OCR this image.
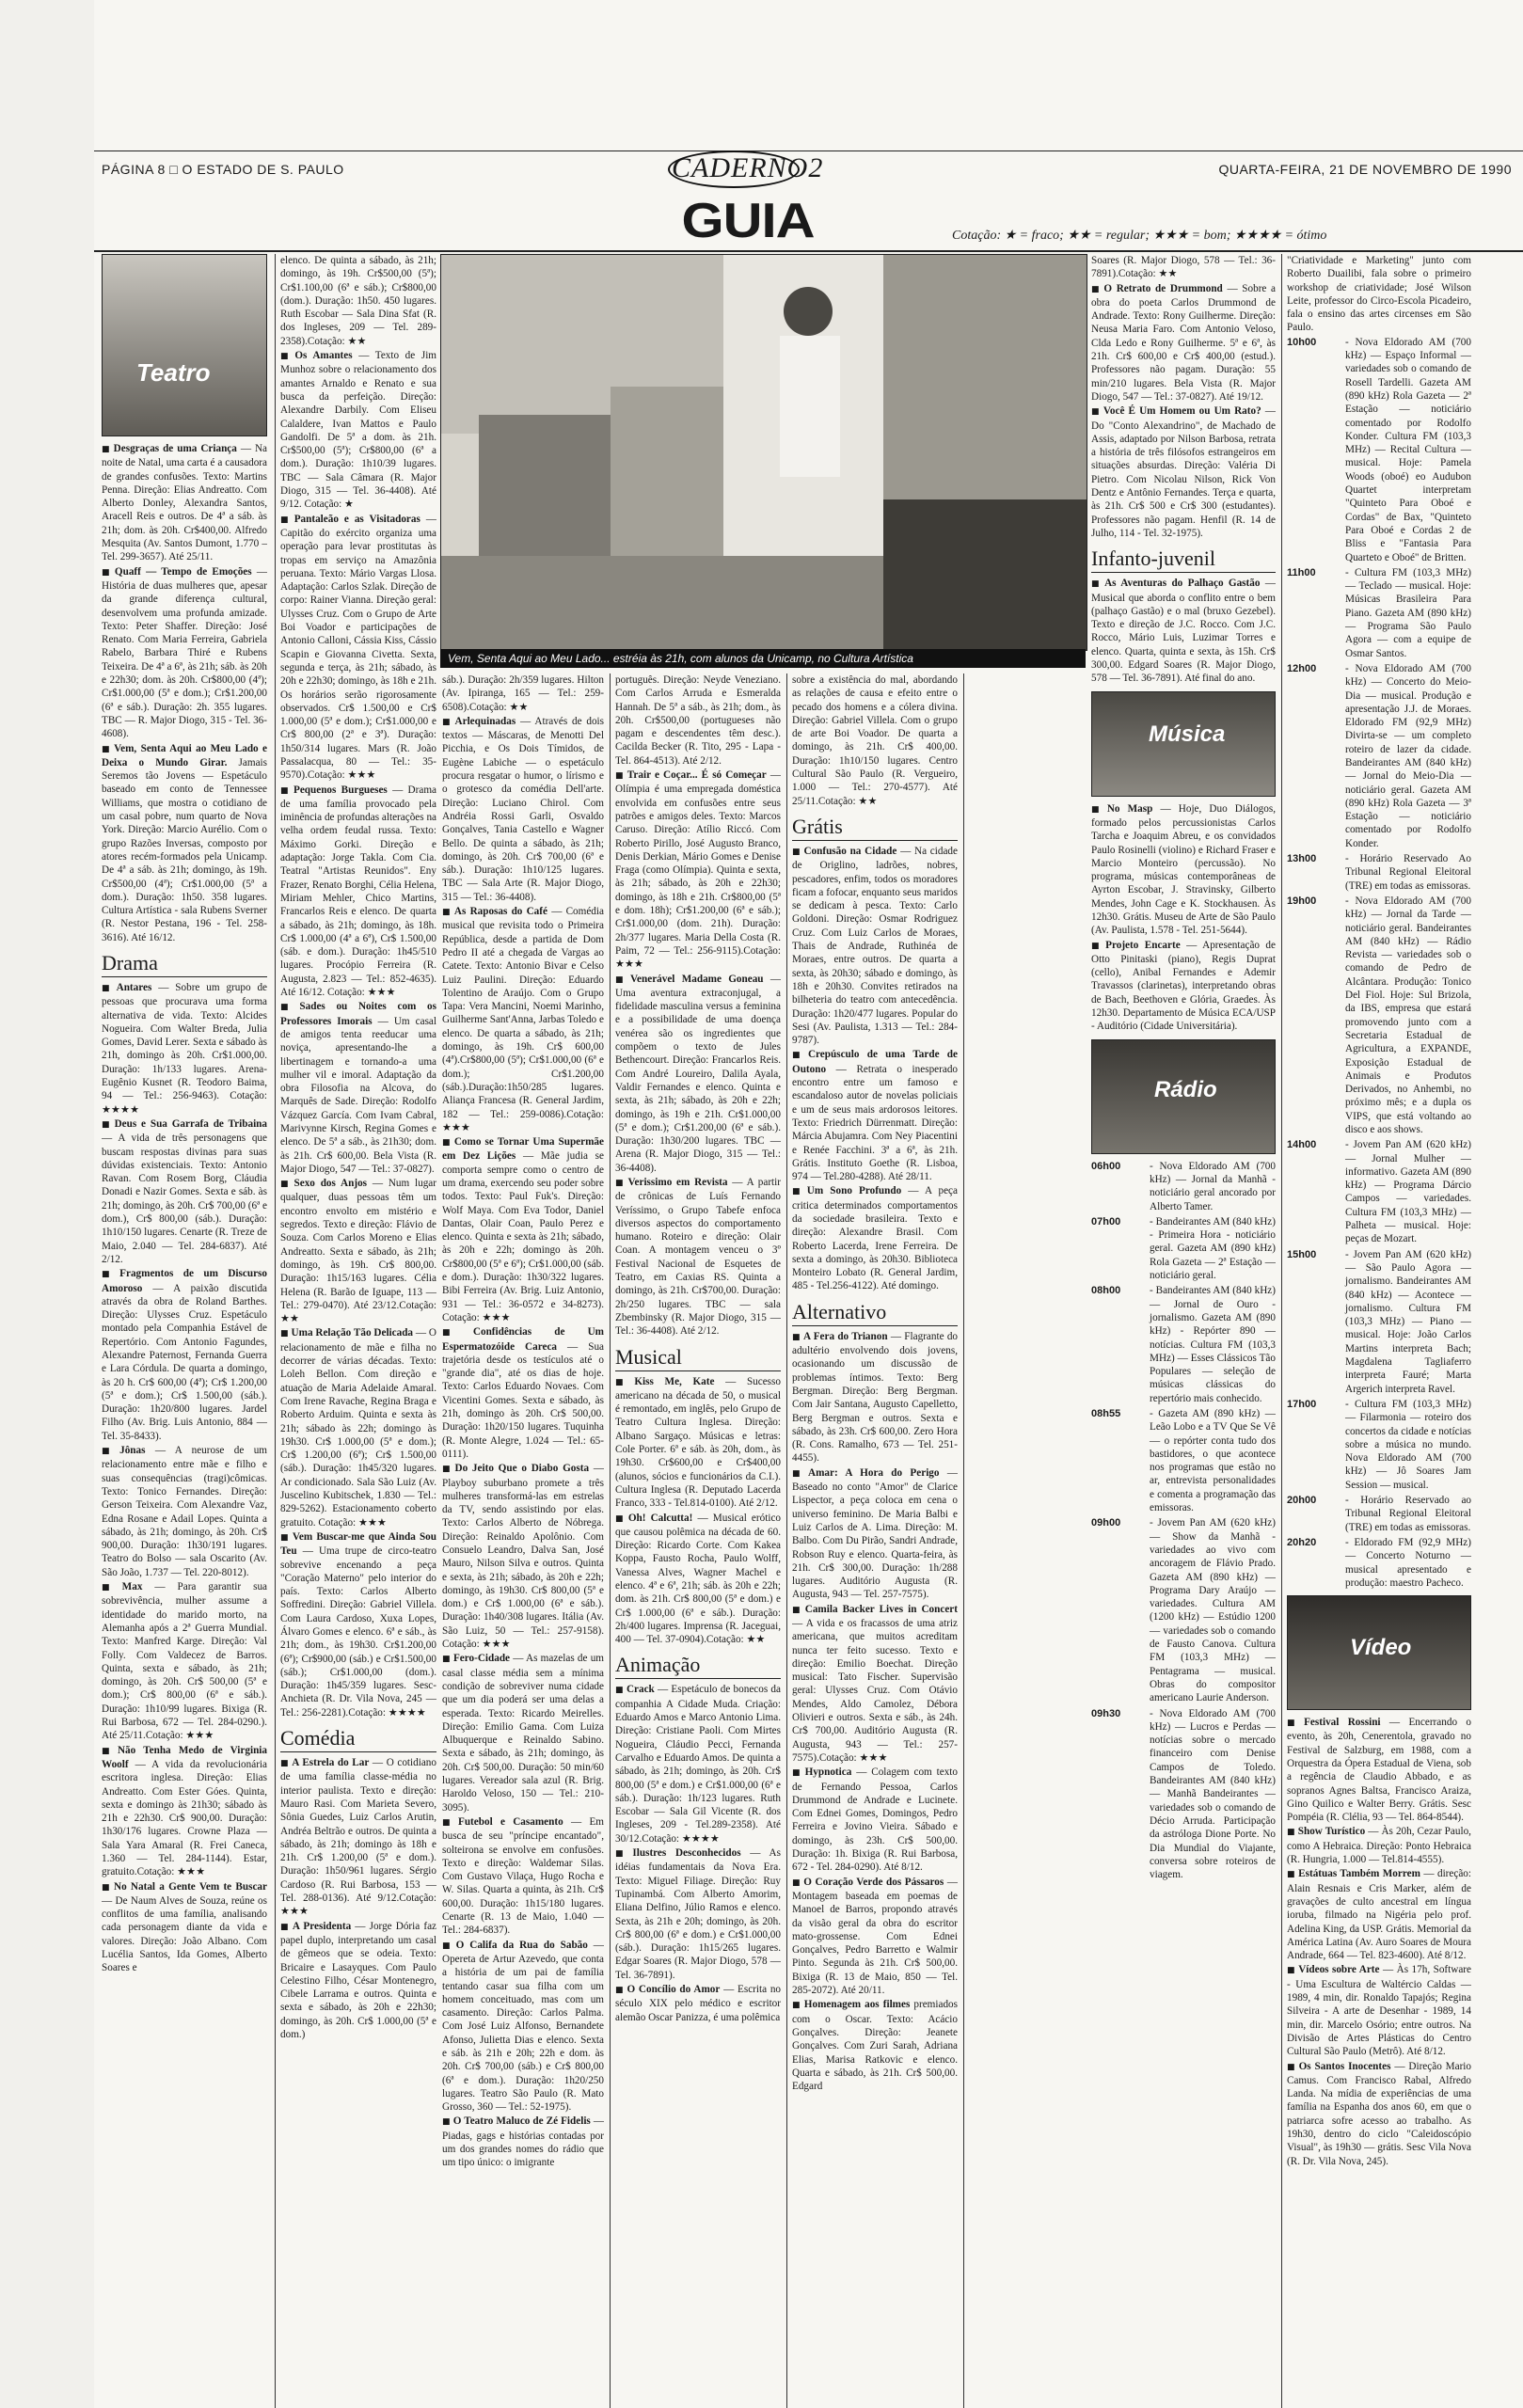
PÁGINA 8 □ O ESTADO DE S. PAULO	CADERNO2
GUIA
QUARTA-FEIRA, 21 DE NOVEMBRO DE 1990
Cotação: ★ = fraco; ★★ = regular; ★★★ = bom; ★★★★ = ótimo
Teatro

■ Desgraças de uma Criança — Na noite de Natal, uma carta é a causadora de grandes confusões. Texto: Martins Penna. Direção: Elias Andreatto. Com Alberto Donley, Alexandra Santos, Aracell Reis e outros. De 4ª a sáb. às 21h; dom. às 20h. Cr$400,00. Alfredo Mesquita (Av. Santos Dumont, 1.770 – Tel. 299-3657). Até 25/11.

■ Quaff — Tempo de Emoções — História de duas mulheres que, apesar da grande diferença cultural, desenvolvem uma profunda amizade. Texto: Peter Shaffer. Direção: José Renato. Com Maria Ferreira, Gabriela Rabelo, Barbara Thiré e Rubens Teixeira. De 4ª a 6ª, às 21h; sáb. às 20h e 22h30; dom. às 20h. Cr$800,00 (4ª); Cr$1.000,00 (5ª e dom.); Cr$1.200,00 (6ª e sáb.). Duração: 2h. 355 lugares. TBC — R. Major Diogo, 315 - Tel. 36-4608).

■ Vem, Senta Aqui ao Meu Lado e Deixa o Mundo Girar. Jamais Seremos tão Jovens — Espetáculo baseado em conto de Tennessee Williams, que mostra o cotidiano de um casal pobre, num quarto de Nova York. Direção: Marcio Aurélio. Com o grupo Razões Inversas, composto por atores recém-formados pela Unicamp. De 4ª a sáb. às 21h; domingo, às 19h. Cr$500,00 (4ª); Cr$1.000,00 (5ª a dom.). Duração: 1h50. 358 lugares. Cultura Artística - sala Rubens Sverner (R. Nestor Pestana, 196 - Tel. 258-3616). Até 16/12.

Drama

■ Antares — Sobre um grupo de pessoas que procurava uma forma alternativa de vida. Texto: Alcides Nogueira. Com Walter Breda, Julia Gomes, David Lerer. Sexta e sábado às 21h, domingo às 20h. Cr$1.000,00. Duração: 1h/133 lugares. Arena-Eugênio Kusnet (R. Teodoro Baima, 94 — Tel.: 256-9463). Cotação: ★★★★

■ Deus e Sua Garrafa de Tribaina — A vida de três personagens que buscam respostas divinas para suas dúvidas existenciais. Texto: Antonio Ravan. Com Rosem Borg, Cláudia Donadi e Nazir Gomes. Sexta e sáb. às 21h; domingo, às 20h. Cr$ 700,00 (6ª e dom.), Cr$ 800,00 (sáb.). Duração: 1h10/150 lugares. Cenarte (R. Treze de Maio, 2.040 — Tel. 284-6837). Até 2/12.

■ Fragmentos de um Discurso Amoroso — A paixão discutida através da obra de Roland Barthes. Direção: Ulysses Cruz. Espetáculo montado pela Companhia Estável de Repertório. Com Antonio Fagundes, Alexandre Paternost, Fernanda Guerra e Lara Córdula. De quarta a domingo, às 20 h. Cr$ 600,00 (4ª); Cr$ 1.200,00 (5ª e dom.); Cr$ 1.500,00 (sáb.). Duração: 1h20/800 lugares. Jardel Filho (Av. Brig. Luis Antonio, 884 — Tel. 35-8433).

■ Jônas — A neurose de um relacionamento entre mãe e filho e suas consequências (tragi)cômicas. Texto: Tonico Fernandes. Direção: Gerson Teixeira. Com Alexandre Vaz, Edna Rosane e Adail Lopes. Quinta a sábado, às 21h; domingo, às 20h. Cr$ 900,00. Duração: 1h30/191 lugares. Teatro do Bolso — sala Oscarito (Av. São João, 1.737 — Tel. 220-8012).

■ Max — Para garantir sua sobrevivência, mulher assume a identidade do marido morto, na Alemanha após a 2ª Guerra Mundial. Texto: Manfred Karge. Direção: Val Folly. Com Valdecez de Barros. Quinta, sexta e sábado, às 21h; domingo, às 20h. Cr$ 500,00 (5ª e dom.); Cr$ 800,00 (6ª e sáb.). Duração: 1h10/99 lugares. Bixiga (R. Rui Barbosa, 672 — Tel. 284-0290.). Até 25/11.Cotação: ★★★

■ Não Tenha Medo de Virginia Woolf — A vida da revolucionária escritora inglesa. Direção: Elias Andreatto. Com Ester Góes. Quinta, sexta e domingo às 21h30; sábado às 21h e 22h30. Cr$ 900,00. Duração: 1h30/176 lugares. Crowne Plaza — Sala Yara Amaral (R. Frei Caneca, 1.360 — Tel. 284-1144). Estar, gratuito.Cotação: ★★★

■ No Natal a Gente Vem te Buscar — De Naum Alves de Souza, reúne os conflitos de uma família, analisando cada personagem diante da vida e valores. Direção: João Albano. Com Lucélia Santos, Ida Gomes, Alberto Soares e

elenco. De quinta a sábado, às 21h; domingo, às 19h. Cr$500,00 (5ª); Cr$1.100,00 (6ª e sáb.); Cr$800,00 (dom.). Duração: 1h50. 450 lugares. Ruth Escobar — Sala Dina Sfat (R. dos Ingleses, 209 — Tel. 289-2358).Cotação: ★★

■ Os Amantes — Texto de Jim Munhoz sobre o relacionamento dos amantes Arnaldo e Renato e sua busca da perfeição. Direção: Alexandre Darbily. Com Eliseu Calaldere, Ivan Mattos e Paulo Gandolfi. De 5ª a dom. às 21h. Cr$500,00 (5ª); Cr$800,00 (6ª a dom.). Duração: 1h10/39 lugares. TBC — Sala Câmara (R. Major Diogo, 315 — Tel. 36-4408). Até 9/12. Cotação: ★

■ Pantaleão e as Visitadoras — Capitão do exército organiza uma operação para levar prostitutas às tropas em serviço na Amazônia peruana. Texto: Mário Vargas Llosa. Adaptação: Carlos Szlak. Direção de corpo: Rainer Vianna. Direção geral: Ulysses Cruz. Com o Grupo de Arte Boi Voador e participações de Antonio Calloni, Cássia Kiss, Cássio Scapin e Giovanna Civetta. Sexta, segunda e terça, às 21h; sábado, às 20h e 22h30; domingo, às 18h e 21h. Os horários serão rigorosamente observados. Cr$ 1.500,00 e Cr$ 1.000,00 (5ª e dom.); Cr$1.000,00 e Cr$ 800,00 (2ª e 3ª). Duração: 1h50/314 lugares. Mars (R. João Passalacqua, 80 — Tel.: 35-9570).Cotação: ★★★

■ Pequenos Burgueses — Drama de uma família provocado pela iminência de profundas alterações na velha ordem feudal russa. Texto: Máximo Gorki. Direção e adaptação: Jorge Takla. Com Cia. Teatral "Artistas Reunidos". Eny Frazer, Renato Borghi, Célia Helena, Miriam Mehler, Chico Martins, Francarlos Reis e elenco. De quarta a sábado, às 21h; domingo, às 18h. Cr$ 1.000,00 (4ª a 6ª), Cr$ 1.500,00 (sáb. e dom.). Duração: 1h45/510 lugares. Procópio Ferreira (R. Augusta, 2.823 — Tel.: 852-4635). Até 16/12. Cotação: ★★★

■ Sades ou Noites com os Professores Imorais — Um casal de amigos tenta reeducar uma noviça, apresentando-lhe a libertinagem e tornando-a uma mulher vil e imoral. Adaptação da obra Filosofia na Alcova, do Marquês de Sade. Direção: Rodolfo Vázquez García. Com Ivam Cabral, Marivynne Kirsch, Regina Gomes e elenco. De 5ª a sáb., às 21h30; dom. às 21h. Cr$ 600,00. Bela Vista (R. Major Diogo, 547 — Tel.: 37-0827).

■ Sexo dos Anjos — Num lugar qualquer, duas pessoas têm um encontro envolto em mistério e segredos. Texto e direção: Flávio de Souza. Com Carlos Moreno e Elias Andreatto. Sexta e sábado, às 21h; domingo, às 19h. Cr$ 800,00. Duração: 1h15/163 lugares. Célia Helena (R. Barão de Iguape, 113 — Tel.: 279-0470). Até 23/12.Cotação: ★★

■ Uma Relação Tão Delicada — O relacionamento de mãe e filha no decorrer de várias décadas. Texto: Loleh Bellon. Com direção e atuação de Maria Adelaide Amaral. Com Irene Ravache, Regina Braga e Roberto Arduim. Quinta e sexta às 21h; sábado às 22h; domingo às 19h30. Cr$ 1.000,00 (5ª e dom.); Cr$ 1.200,00 (6ª); Cr$ 1.500,00 (sáb.). Duração: 1h45/320 lugares. Ar condicionado. Sala São Luiz (Av. Juscelino Kubitschek, 1.830 — Tel.: 829-5262). Estacionamento coberto gratuito. Cotação: ★★★

■ Vem Buscar-me que Ainda Sou Teu — Uma trupe de circo-teatro sobrevive encenando a peça "Coração Materno" pelo interior do país. Texto: Carlos Alberto Soffredini. Direção: Gabriel Villela. Com Laura Cardoso, Xuxa Lopes, Álvaro Gomes e elenco. 6ª e sáb., às 21h; dom., às 19h30. Cr$1.200,00 (6ª); Cr$900,00 (sáb.) e Cr$1.500,00 (sáb.); Cr$1.000,00 (dom.). Duração: 1h45/359 lugares. Sesc-Anchieta (R. Dr. Vila Nova, 245 — Tel.: 256-2281).Cotação: ★★★★

Comédia

■ A Estrela do Lar — O cotidiano de uma família classe-média no interior paulista. Texto e direção: Mauro Rasi. Com Marieta Severo, Sônia Guedes, Luiz Carlos Arutin, Andréa Beltrão e outros. De quinta a sábado, às 21h; domingo às 18h e 21h. Cr$ 1.200,00 (5ª e dom.). Duração: 1h50/961 lugares. Sérgio Cardoso (R. Rui Barbosa, 153 — Tel. 288-0136). Até 9/12.Cotação: ★★★

■ A Presidenta — Jorge Dória faz papel duplo, interpretando um casal de gêmeos que se odeia. Texto: Bricaire e Lasayques. Com Paulo Celestino Filho, César Montenegro, Cibele Larrama e outros. Quinta e sexta e sábado, às 20h e 22h30; domingo, às 20h. Cr$ 1.000,00 (5ª e dom.)

Vem, Senta Aqui ao Meu Lado... estréia às 21h, com alunos da Unicamp, no Cultura Artística

sáb.). Duração: 2h/359 lugares. Hilton (Av. Ipiranga, 165 — Tel.: 259-6508).Cotação: ★★

■ Arlequinadas — Através de dois textos — Máscaras, de Menotti Del Picchia, e Os Dois Tímidos, de Eugène Labiche — o espetáculo procura resgatar o humor, o lírismo e o grotesco da comédia Dell'arte. Direção: Luciano Chirol. Com Andréia Rossi Garli, Osvaldo Gonçalves, Tania Castello e Wagner Bello. De quinta a sábado, às 21h; domingo, às 20h. Cr$ 700,00 (6ª e sáb.). Duração: 1h10/125 lugares. TBC — Sala Arte (R. Major Diogo, 315 — Tel.: 36-4408).

■ As Raposas do Café — Comédia musical que revisita todo o Primeira República, desde a partida de Dom Pedro II até a chegada de Vargas ao Catete. Texto: Antonio Bivar e Celso Luiz Paulini. Direção: Eduardo Tolentino de Araújo. Com o Grupo Tapa: Vera Mancini, Noemi Marinho, Guilherme Sant'Anna, Jarbas Toledo e elenco. De quarta a sábado, às 21h; domingo, às 19h. Cr$ 600,00 (4ª).Cr$800,00 (5ª); Cr$1.000,00 (6ª e dom.); Cr$1.200,00 (sáb.).Duração:1h50/285 lugares. Aliança Francesa (R. General Jardim, 182 — Tel.: 259-0086).Cotação: ★★★

■ Como se Tornar Uma Supermãe em Dez Lições — Mãe judia se comporta sempre como o centro de um drama, exercendo seu poder sobre todos. Texto: Paul Fuk's. Direção: Wolf Maya. Com Eva Todor, Daniel Dantas, Olair Coan, Paulo Perez e elenco. Quinta e sexta às 21h; sábado, às 20h e 22h; domingo às 20h. Cr$800,00 (5ª e 6ª); Cr$1.000,00 (sáb. e dom.). Duração: 1h30/322 lugares. Bibi Ferreira (Av. Brig. Luiz Antonio, 931 — Tel.: 36-0572 e 34-8273). Cotação: ★★★

■ Confidências de Um Espermatozóide Careca — Sua trajetória desde os testículos até o "grande dia", até os dias de hoje. Texto: Carlos Eduardo Novaes. Com Vicentini Gomes. Sexta e sábado, às 21h, domingo às 20h. Cr$ 500,00. Duração: 1h20/150 lugares. Tuquinha (R. Monte Alegre, 1.024 — Tel.: 65-0111).

■ Do Jeito Que o Diabo Gosta — Playboy suburbano promete a três mulheres transformá-las em estrelas da TV, sendo assistindo por elas. Texto: Carlos Alberto de Nóbrega. Direção: Reinaldo Apolônio. Com Consuelo Leandro, Dalva San, José Mauro, Nilson Silva e outros. Quinta e sexta, às 21h; sábado, às 20h e 22h; domingo, às 19h30. Cr$ 800,00 (5ª e dom.) e Cr$ 1.000,00 (6ª e sáb.). Duração: 1h40/308 lugares. Itália (Av. São Luiz, 50 — Tel.: 257-9158). Cotação: ★★★

■ Fero-Cidade — As mazelas de um casal classe média sem a mínima condição de sobreviver numa cidade que um dia poderá ser uma delas a esperada. Texto: Ricardo Meirelles. Direção: Emilio Gama. Com Luiza Albuquerque e Reinaldo Sabino. Sexta e sábado, às 21h; domingo, às 20h. Cr$ 500,00. Duração: 50 min/60 lugares. Vereador sala azul (R. Brig. Haroldo Veloso, 150 — Tel.: 210-3095).

■ Futebol e Casamento — Em busca de seu "príncipe encantado", solteirona se envolve em confusões. Texto e direção: Waldemar Silas. Com Gustavo Vilaça, Hugo Rocha e W. Silas. Quarta a quinta, às 21h. Cr$ 600,00. Duração: 1h15/180 lugares. Cenarte (R. 13 de Maio, 1.040 — Tel.: 284-6837).

■ O Califa da Rua do Sabão — Opereta de Artur Azevedo, que conta a história de um pai de família tentando casar sua filha com um homem conceituado, mas com um casamento. Direção: Carlos Palma. Com José Luiz Alfonso, Bernandete Afonso, Julietta Dias e elenco. Sexta e sáb. às 21h e 20h; 22h e dom. às 20h. Cr$ 700,00 (sáb.) e Cr$ 800,00 (6ª e dom.). Duração: 1h20/250 lugares. Teatro São Paulo (R. Mato Grosso, 360 — Tel.: 52-1975).

■ O Teatro Maluco de Zé Fidelis — Piadas, gags e histórias contadas por um dos grandes nomes do rádio que um tipo único: o imigrante

português. Direção: Neyde Veneziano. Com Carlos Arruda e Esmeralda Hannah. De 5ª a sáb., às 21h; dom., às 20h. Cr$500,00 (portugueses não pagam e descendentes têm desc.). Cacilda Becker (R. Tito, 295 - Lapa - Tel. 864-4513). Até 2/12.

■ Trair e Coçar... É só Começar — Olímpia é uma empregada doméstica envolvida em confusões entre seus patrões e amigos deles. Texto: Marcos Caruso. Direção: Atílio Riccó. Com Roberto Pirillo, José Augusto Branco, Denis Derkian, Mário Gomes e Denise Fraga (como Olímpia). Quinta e sexta, às 21h; sábado, às 20h e 22h30; domingo, às 18h e 21h. Cr$800,00 (5ª e dom. 18h); Cr$1.200,00 (6ª e sáb.); Cr$1.000,00 (dom. 21h). Duração: 2h/377 lugares. Maria Della Costa (R. Paim, 72 — Tel.: 256-9115).Cotação: ★★★

■ Venerável Madame Goneau — Uma aventura extraconjugal, a fidelidade masculina versus a feminina e a possibilidade de uma doença venérea são os ingredientes que compõem o texto de Jules Bethencourt. Direção: Francarlos Reis. Com André Loureiro, Dalila Ayala, Valdir Fernandes e elenco. Quinta e sexta, às 21h; sábado, às 20h e 22h; domingo, às 19h e 21h. Cr$1.000,00 (5ª e dom.); Cr$1.200,00 (6ª e sáb.). Duração: 1h30/200 lugares. TBC — Arena (R. Major Diogo, 315 — Tel.: 36-4408).

■ Verissimo em Revista — A partir de crônicas de Luís Fernando Veríssimo, o Grupo Tabefe enfoca diversos aspectos do comportamento humano. Roteiro e direção: Olair Coan. A montagem venceu o 3º Festival Nacional de Esquetes de Teatro, em Caxias RS. Quinta a domingo, às 21h. Cr$700,00. Duração: 2h/250 lugares. TBC — sala Zbembinsky (R. Major Diogo, 315 — Tel.: 36-4408). Até 2/12.

Musical

■ Kiss Me, Kate — Sucesso americano na década de 50, o musical é remontado, em inglês, pelo Grupo de Teatro Cultura Inglesa. Direção: Albano Sargaço. Músicas e letras: Cole Porter. 6ª e sáb. às 20h, dom., às 19h30. Cr$600,00 e Cr$400,00 (alunos, sócios e funcionários da C.I.). Cultura Inglesa (R. Deputado Lacerda Franco, 333 - Tel.814-0100). Até 2/12.

■ Oh! Calcutta! — Musical erótico que causou polêmica na década de 60. Direção: Ricardo Corte. Com Kakea Koppa, Fausto Rocha, Paulo Wolff, Vanessa Alves, Wagner Machel e elenco. 4ª e 6ª, 21h; sáb. às 20h e 22h; dom. às 21h. Cr$ 800,00 (5ª e dom.) e Cr$ 1.000,00 (6ª e sáb.). Duração: 2h/400 lugares. Imprensa (R. Jaceguai, 400 — Tel. 37-0904).Cotação: ★★

Animação

■ Crack — Espetáculo de bonecos da companhia A Cidade Muda. Criação: Eduardo Amos e Marco Antonio Lima. Direção: Cristiane Paoli. Com Mirtes Nogueira, Cláudio Pecci, Fernanda Carvalho e Eduardo Amos. De quinta a sábado, às 21h; domingo, às 20h. Cr$ 800,00 (5ª e dom.) e Cr$1.000,00 (6ª e sáb.). Duração: 1h/123 lugares. Ruth Escobar — Sala Gil Vicente (R. dos Ingleses, 209 - Tel.289-2358). Até 30/12.Cotação: ★★★★

■ Ilustres Desconhecidos — As idéias fundamentais da Nova Era. Texto: Miguel Filiage. Direção: Ruy Tupinambá. Com Alberto Amorim, Eliana Delfino, Júlio Ramos e elenco. Sexta, às 21h e 20h; domingo, às 20h. Cr$ 800,00 (6ª e dom.) e Cr$1.000,00 (sáb.). Duração: 1h15/265 lugares. Edgar Soares (R. Major Diogo, 578 — Tel. 36-7891).

■ O Concílio do Amor — Escrita no século XIX pelo médico e escritor alemão Oscar Panizza, é uma polêmica

sobre a existência do mal, abordando as relações de causa e efeito entre o pecado dos homens e a cólera divina. Direção: Gabriel Villela. Com o grupo de arte Boi Voador. De quarta a domingo, às 21h. Cr$ 400,00. Duração: 1h10/150 lugares. Centro Cultural São Paulo (R. Vergueiro, 1.000 — Tel.: 270-4577). Até 25/11.Cotação: ★★

Grátis

■ Confusão na Cidade — Na cidade de Origlino, ladrões, nobres, pescadores, enfim, todos os moradores ficam a fofocar, enquanto seus maridos se dedicam à pesca. Texto: Carlo Goldoni. Direção: Osmar Rodriguez Cruz. Com Luiz Carlos de Moraes, Thais de Andrade, Ruthinéa de Moraes, entre outros. De quarta a sexta, às 20h30; sábado e domingo, às 18h e 20h30. Convites retirados na bilheteria do teatro com antecedência. Duração: 1h20/477 lugares. Popular do Sesi (Av. Paulista, 1.313 — Tel.: 284-9787).

■ Crepúsculo de uma Tarde de Outono — Retrata o inesperado encontro entre um famoso e escandaloso autor de novelas policiais e um de seus mais ardorosos leitores. Texto: Friedrich Dürrenmatt. Direção: Márcia Abujamra. Com Ney Piacentini e Renée Facchini. 3ª a 6ª, às 21h. Grátis. Instituto Goethe (R. Lisboa, 974 — Tel.280-4288). Até 28/11.

■ Um Sono Profundo — A peça critica determinados comportamentos da sociedade brasileira. Texto e direção: Alexandre Brasil. Com Roberto Lacerda, Irene Ferreira. De sexta a domingo, às 20h30. Biblioteca Monteiro Lobato (R. General Jardim, 485 - Tel.256-4122). Até domingo.

Alternativo

■ A Fera do Trianon — Flagrante do adultério envolvendo dois jovens, ocasionando um discussão de problemas íntimos. Texto: Berg Bergman. Direção: Berg Bergman. Com Jair Santana, Augusto Capelletto, Berg Bergman e outros. Sexta e sábado, às 23h. Cr$ 600,00. Zero Hora (R. Cons. Ramalho, 673 — Tel. 251-4455).

■ Amar: A Hora do Perigo — Baseado no conto "Amor" de Clarice Lispector, a peça coloca em cena o universo feminino. De Maria Balbi e Luiz Carlos de A. Lima. Direção: M. Balbo. Com Du Pirão, Sandri Andrade, Robson Ruy e elenco. Quarta-feira, às 21h. Cr$ 300,00. Duração: 1h/288 lugares. Auditório Augusta (R. Augusta, 943 — Tel. 257-7575).

■ Camila Backer Lives in Concert — A vida e os fracassos de uma atriz americana, que muitos acreditam nunca ter feito sucesso. Texto e direção: Emilio Boechat. Direção musical: Tato Fischer. Supervisão geral: Ulysses Cruz. Com Otávio Mendes, Aldo Camolez, Débora Olivieri e outros. Sexta e sáb., às 24h. Cr$ 700,00. Auditório Augusta (R. Augusta, 943 — Tel.: 257-7575).Cotação: ★★★

■ Hypnotica — Colagem com texto de Fernando Pessoa, Carlos Drummond de Andrade e Lucinete. Com Ednei Gomes, Domingos, Pedro Ferreira e Jovino Vieira. Sábado e domingo, às 23h. Cr$ 500,00. Duração: 1h. Bixiga (R. Rui Barbosa, 672 - Tel. 284-0290). Até 8/12.

■ O Coração Verde dos Pássaros — Montagem baseada em poemas de Manoel de Barros, propondo através da visão geral da obra do escritor mato-grossense. Com Ednei Gonçalves, Pedro Barretto e Walmir Pinto. Segunda às 21h. Cr$ 500,00. Bixiga (R. 13 de Maio, 850 — Tel. 285-2072). Até 20/11.

■ Homenagem aos filmes premiados com o Oscar. Texto: Acácio Gonçalves. Direção: Jeanete Gonçalves. Com Zuri Sarah, Adriana Elias, Marisa Ratkovic e elenco. Quarta e sábado, às 21h. Cr$ 500,00. Edgard

Soares (R. Major Diogo, 578 — Tel.: 36-7891).Cotação: ★★

■ O Retrato de Drummond — Sobre a obra do poeta Carlos Drummond de Andrade. Texto: Rony Guilherme. Direção: Neusa Maria Faro. Com Antonio Veloso, Clda Ledo e Rony Guilherme. 5ª e 6ª, às 21h. Cr$ 600,00 e Cr$ 400,00 (estud.). Professores não pagam. Duração: 55 min/210 lugares. Bela Vista (R. Major Diogo, 547 — Tel.: 37-0827). Até 19/12.

■ Você É Um Homem ou Um Rato? — Do "Conto Alexandrino", de Machado de Assis, adaptado por Nilson Barbosa, retrata a história de três filósofos estrangeiros em situações absurdas. Direção: Valéria Di Pietro. Com Nicolau Nilson, Rick Von Dentz e Antônio Fernandes. Terça e quarta, às 21h. Cr$ 500 e Cr$ 300 (estudantes). Professores não pagam. Henfil (R. 14 de Julho, 114 - Tel. 32-1975).

Infanto-juvenil

■ As Aventuras do Palhaço Gastão — Musical que aborda o conflito entre o bem (palhaço Gastão) e o mal (bruxo Gezebel). Texto e direção de J.C. Rocco. Com J.C. Rocco, Mário Luis, Luzimar Torres e elenco. Quarta, quinta e sexta, às 15h. Cr$ 300,00. Edgard Soares (R. Major Diogo, 578 — Tel. 36-7891). Até final do ano.

Música

■ No Masp — Hoje, Duo Diálogos, formado pelos percussionistas Carlos Tarcha e Joaquim Abreu, e os convidados Paulo Rosinelli (violino) e Richard Fraser e Marcio Monteiro (percussão). No programa, músicas contemporâneas de Ayrton Escobar, J. Stravinsky, Gilberto Mendes, John Cage e K. Stockhausen. Às 12h30. Grátis. Museu de Arte de São Paulo (Av. Paulista, 1.578 - Tel. 251-5644).

■ Projeto Encarte — Apresentação de Otto Pinitaski (piano), Regis Duprat (cello), Anibal Fernandes e Ademir Travassos (clarinetas), interpretando obras de Bach, Beethoven e Glória, Graedes. Às 12h30. Departamento de Música ECA/USP - Auditório (Cidade Universitária).

Rádio
06h00	- Nova Eldorado AM (700 kHz) — Jornal da Manhã - noticiário geral ancorado por Alberto Tamer.
07h00	- Bandeirantes AM (840 kHz) - Primeira Hora - noticiário geral. Gazeta AM (890 kHz) Rola Gazeta — 2ª Estação — noticiário geral.
08h00	- Bandeirantes AM (840 kHz) — Jornal de Ouro - jornalismo. Gazeta AM (890 kHz) - Repórter 890 — notícias. Cultura FM (103,3 MHz) — Esses Clássicos Tão Populares — seleção de músicas clássicas do repertório mais conhecido.
08h55	- Gazeta AM (890 kHz) — Leão Lobo e a TV Que Se Vê — o repórter conta tudo dos bastidores, o que acontece nos programas que estão no ar, entrevista personalidades e comenta a programação das emissoras.
09h00	- Jovem Pan AM (620 kHz) — Show da Manhã - variedades ao vivo com ancoragem de Flávio Prado. Gazeta AM (890 kHz) — Programa Dary Araújo — variedades. Cultura AM (1200 kHz) — Estúdio 1200 — variedades sob o comando de Fausto Canova. Cultura FM (103,3 MHz) — Pentagrama — musical. Obras do compositor americano Laurie Anderson.
09h30	- Nova Eldorado AM (700 kHz) — Lucros e Perdas — notícias sobre o mercado financeiro com Denise Campos de Toledo. Bandeirantes AM (840 kHz) — Manhã Bandeirantes — variedades sob o comando de Décio Arruda. Participação da astróloga Dione Porte. No Dia Mundial do Viajante, conversa sobre roteiros de viagem.

"Criatividade e Marketing" junto com Roberto Duailibi, fala sobre o primeiro workshop de criatividade; José Wilson Leite, professor do Circo-Escola Picadeiro, fala o ensino das artes circenses em São Paulo.

10h00	- Nova Eldorado AM (700 kHz) — Espaço Informal — variedades sob o comando de Rosell Tardelli. Gazeta AM (890 kHz) Rola Gazeta — 2ª Estação — noticiário comentado por Rodolfo Konder. Cultura FM (103,3 MHz) — Recital Cultura — musical. Hoje: Pamela Woods (oboé) eo Audubon Quartet interpretam "Quinteto Para Oboé e Cordas" de Bax, "Quinteto Para Oboé e Cordas 2 de Bliss e "Fantasia Para Quarteto e Oboé" de Britten.
11h00	- Cultura FM (103,3 MHz) — Teclado — musical. Hoje: Músicas Brasileira Para Piano. Gazeta AM (890 kHz) — Programa São Paulo Agora — com a equipe de Osmar Santos.
12h00	- Nova Eldorado AM (700 kHz) — Concerto do Meio-Dia — musical. Produção e apresentação J.J. de Moraes. Eldorado FM (92,9 MHz) Divirta-se — um completo roteiro de lazer da cidade. Bandeirantes AM (840 kHz) — Jornal do Meio-Dia — noticiário geral. Gazeta AM (890 kHz) Rola Gazeta — 3ª Estação — noticiário comentado por Rodolfo Konder.
13h00	- Horário Reservado Ao Tribunal Regional Eleitoral (TRE) em todas as emissoras.
19h00	- Nova Eldorado AM (700 kHz) — Jornal da Tarde — noticiário geral. Bandeirantes AM (840 kHz) — Rádio Revista — variedades sob o comando de Pedro de Alcântara. Produção: Tonico Del Fiol. Hoje: Sul Brizola, da IBS, empresa que estará promovendo junto com a Secretaria Estadual de Agricultura, a EXPANDE, Exposição Estadual de Animais e Produtos Derivados, no Anhembi, no próximo mês; e a dupla os VIPS, que está voltando ao disco e aos shows.
14h00	- Jovem Pan AM (620 kHz) — Jornal Mulher — informativo. Gazeta AM (890 kHz) — Programa Dárcio Campos — variedades. Cultura FM (103,3 MHz) — Palheta — musical. Hoje: peças de Mozart.
15h00	- Jovem Pan AM (620 kHz) — São Paulo Agora — jornalismo. Bandeirantes AM (840 kHz) — Acontece — jornalismo. Cultura FM (103,3 MHz) — Piano — musical. Hoje: João Carlos Martins interpreta Bach; Magdalena Tagliaferro interpreta Fauré; Marta Argerich interpreta Ravel.
17h00	- Cultura FM (103,3 MHz) — Filarmonia — roteiro dos concertos da cidade e notícias sobre a música no mundo. Nova Eldorado AM (700 kHz) — Jô Soares Jam Session — musical.
20h00	- Horário Reservado ao Tribunal Regional Eleitoral (TRE) em todas as emissoras.
20h20	- Eldorado FM (92,9 MHz) — Concerto Noturno — musical apresentado e produção: maestro Pacheco.
Vídeo

■ Festival Rossini — Encerrando o evento, às 20h, Cenerentola, gravado no Festival de Salzburg, em 1988, com a Orquestra da Ópera Estadual de Viena, sob a regência de Claudio Abbado, e as sopranos Agnes Baltsa, Francisco Araiza, Gino Quilico e Walter Berry. Grátis. Sesc Pompéia (R. Clélia, 93 — Tel. 864-8544).

■ Show Turístico — Às 20h, Cezar Paulo, como A Hebraica. Direção: Ponto Hebraica (R. Hungria, 1.000 — Tel.814-4555).

■ Estátuas Também Morrem — direção: Alain Resnais e Cris Marker, além de gravações de culto ancestral em língua ioruba, filmado na Nigéria pelo prof. Adelina King, da USP. Grátis. Memorial da América Latina (Av. Auro Soares de Moura Andrade, 664 — Tel. 823-4600). Até 8/12.

■ Vídeos sobre Arte — Às 17h, Software - Uma Escultura de Waltércio Caldas — 1989, 4 min, dir. Ronaldo Tapajós; Regina Silveira - A arte de Desenhar - 1989, 14 min, dir. Marcelo Osório; entre outros. Na Divisão de Artes Plásticas do Centro Cultural São Paulo (Metrô). Até 8/12.

■ Os Santos Inocentes — Direção Mario Camus. Com Francisco Rabal, Alfredo Landa. Na mídia de experiências de uma família na Espanha dos anos 60, em que o patriarca sofre acesso ao trabalho. As 19h30, dentro do ciclo "Caleidoscópio Visual", às 19h30 — grátis. Sesc Vila Nova (R. Dr. Vila Nova, 245).
